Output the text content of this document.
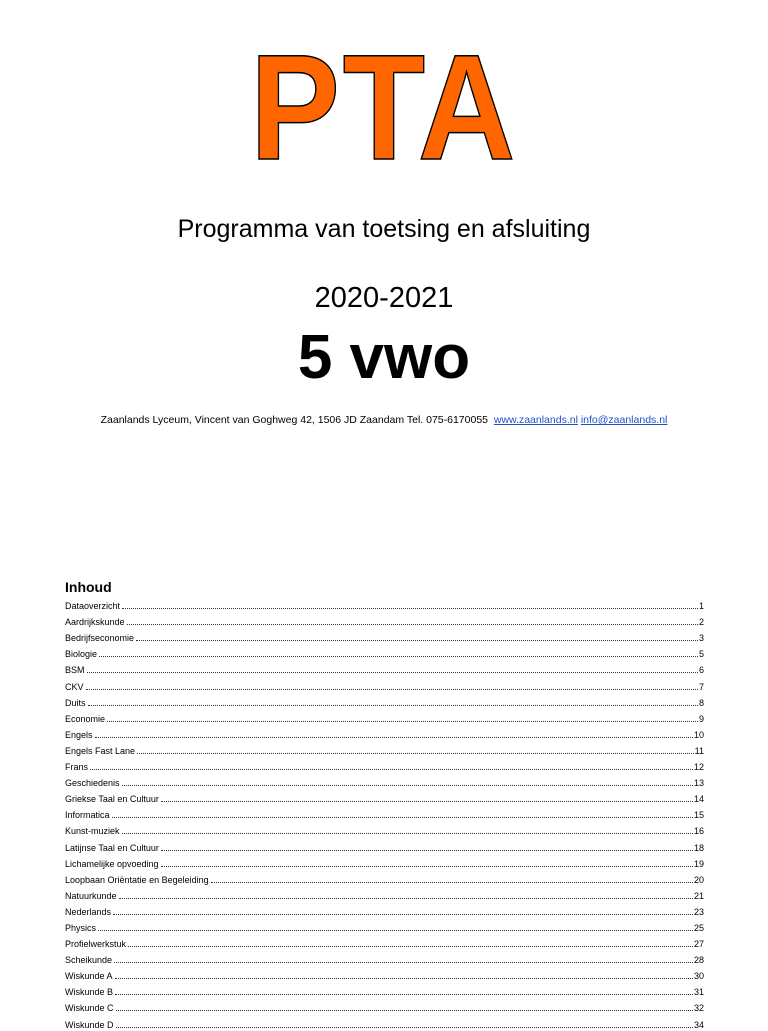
PTA
Programma van toetsing en afsluiting
2020-2021
5 vwo
Zaanlands Lyceum, Vincent van Goghweg 42, 1506 JD Zaandam Tel. 075-6170055 www.zaanlands.nl info@zaanlands.nl
Inhoud
Dataoverzicht	1
Aardrijkskunde	2
Bedrijfseconomie	3
Biologie	5
BSM	6
CKV	7
Duits	8
Economie	9
Engels	10
Engels Fast Lane	11
Frans	12
Geschiedenis	13
Griekse Taal en Cultuur	14
Informatica	15
Kunst-muziek	16
Latijnse Taal en Cultuur	18
Lichamelijke opvoeding	19
Loopbaan Oriëntatie en Begeleiding	20
Natuurkunde	21
Nederlands	23
Physics	25
Profielwerkstuk	27
Scheikunde	28
Wiskunde A	30
Wiskunde B	31
Wiskunde C	32
Wiskunde D	34
